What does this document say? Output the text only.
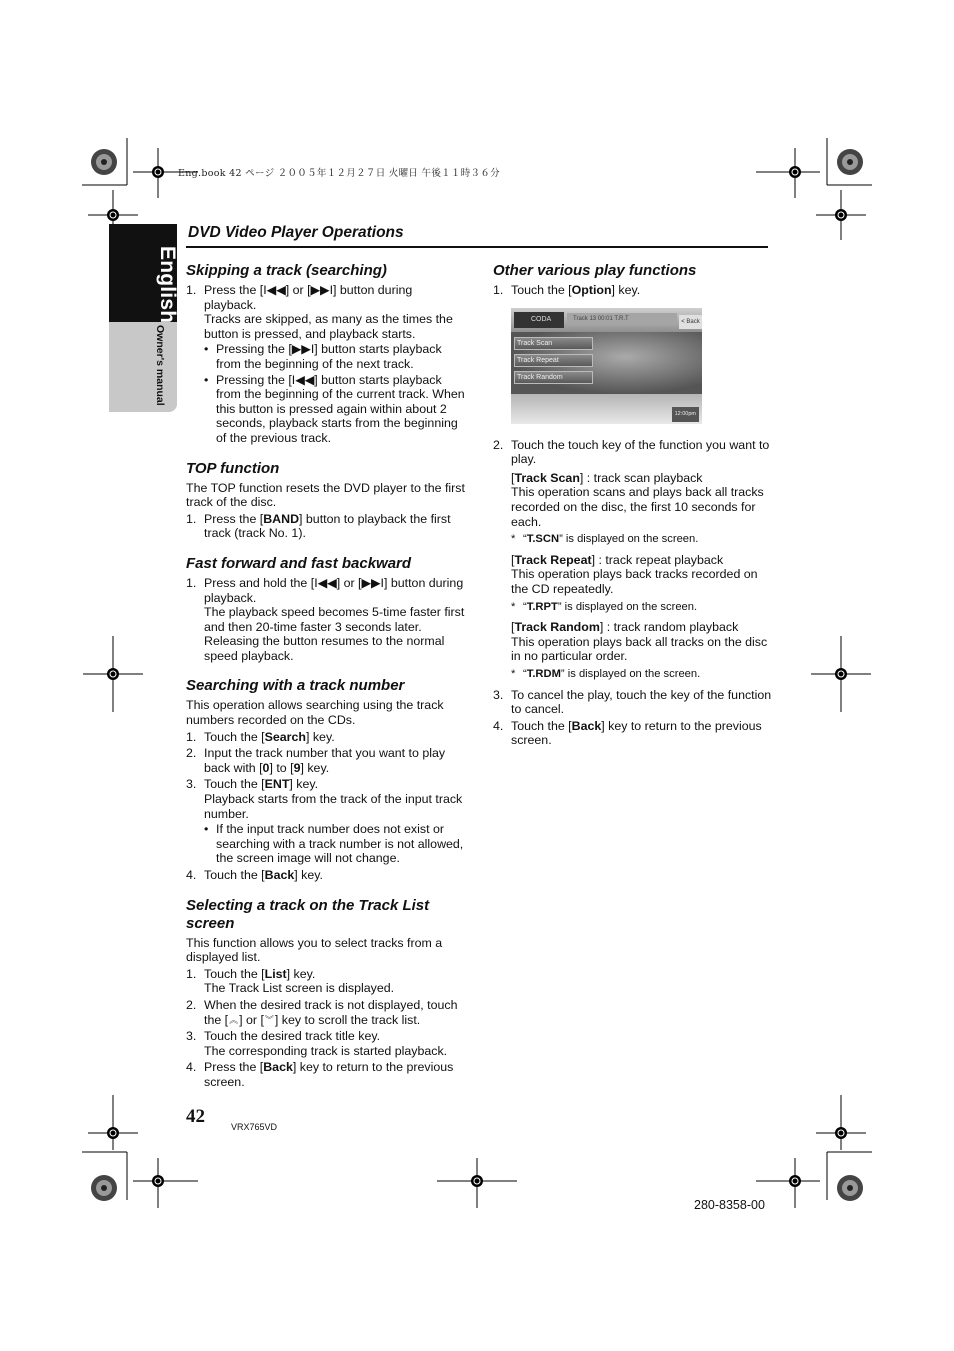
Eng.book 42 ページ ２００５年１２月２７日 火曜日 午後１１時３６分
English
Owner's manual
DVD Video Player Operations
Skipping a track (searching)
1. Press the [I◀◀] or [▶▶I] button during playback.
Tracks are skipped, as many as the times the button is pressed, and playback starts.
• Pressing the [▶▶I] button starts playback from the beginning of the next track.
• Pressing the [I◀◀] button starts playback from the beginning of the current track. When this button is pressed again within about 2 seconds, playback starts from the beginning of the previous track.
TOP function

The TOP function resets the DVD player to the first track of the disc.

1. Press the [BAND] button to playback the first track (track No. 1).
Fast forward and fast backward
1. Press and hold the [I◀◀] or [▶▶I] button during playback.
The playback speed becomes 5-time faster first and then 20-time faster 3 seconds later. Releasing the button resumes to the normal speed playback.
Searching with a track number

This operation allows searching using the track numbers recorded on the CDs.

1. Touch the [Search] key.
2. Input the track number that you want to play back with [0] to [9] key.
3. Touch the [ENT] key.
Playback starts from the track of the input track number.
• If the input track number does not exist or searching with a track number is not allowed, the screen image will not change.
4. Touch the [Back] key.
Selecting a track on the Track List screen

This function allows you to select tracks from a displayed list.

1. Touch the [List] key.
The Track List screen is displayed.
2. When the desired track is not displayed, touch the [︽] or [︾] key to scroll the track list.
3. Touch the desired track title key.
The corresponding track is started playback.
4. Press the [Back] key to return to the previous screen.
Other various play functions
1. Touch the [Option] key.
CODA	Track 13 00:01 T.R.T	< Back
Track Scan
Track Repeat
Track Random
12:00pm
2. Touch the touch key of the function you want to play.
[Track Scan] : track scan playback
This operation scans and plays back all tracks recorded on the disc, the first 10 seconds for each.
* “T.SCN” is displayed on the screen.
[Track Repeat] : track repeat playback
This operation plays back tracks recorded on the CD repeatedly.
* “T.RPT” is displayed on the screen.
[Track Random] : track random playback
This operation plays back all tracks on the disc in no particular order.
* “T.RDM” is displayed on the screen.
3. To cancel the play, touch the key of the function to cancel.
4. Touch the [Back] key to return to the previous screen.
42	VRX765VD
280-8358-00
